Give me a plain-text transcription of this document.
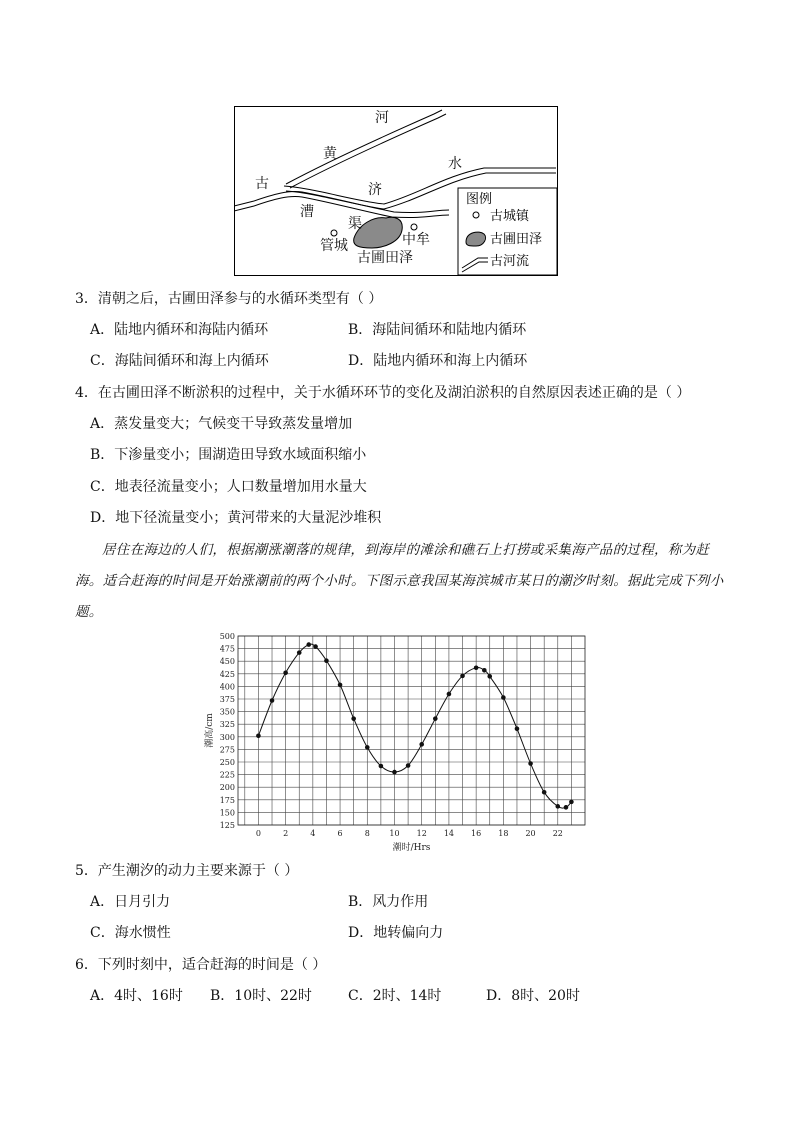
河
黄
水
古	济
漕
渠
管城	中牟
古圃田泽
图例
古城镇
古圃田泽
古河流
3．清朝之后，古圃田泽参与的水循环类型有（ ）
A．陆地内循环和海陆内循环	B．海陆间循环和陆地内循环
C．海陆间循环和海上内循环	D．陆地内循环和海上内循环
4．在古圃田泽不断淤积的过程中，关于水循环环节的变化及湖泊淤积的自然原因表述正确的是（ ）
A．蒸发量变大；气候变干导致蒸发量增加
B．下渗量变小；围湖造田导致水域面积缩小
C．地表径流量变小；人口数量增加用水量大
D．地下径流量变小；黄河带来的大量泥沙堆积
居住在海边的人们，根据潮涨潮落的规律，到海岸的滩涂和礁石上打捞或采集海产品的过程，称为赶海。适合赶海的时间是开始涨潮前的两个小时。下图示意我国某海滨城市某日的潮汐时刻。据此完成下列小题。
125
150
175
200
225
250
275
300
325
350
375
400
425
450
475
500
0	2	4	6	8 10 12 14 16 18 20 22
潮时/Hrs
潮高/cm
5．产生潮汐的动力主要来源于（ ）
A．日月引力	B．风力作用
C．海水惯性	D．地转偏向力
6．下列时刻中，适合赶海的时间是（ ）
A．4时、16时 B．10时、22时	C．2时、14时	D．8时、20时
